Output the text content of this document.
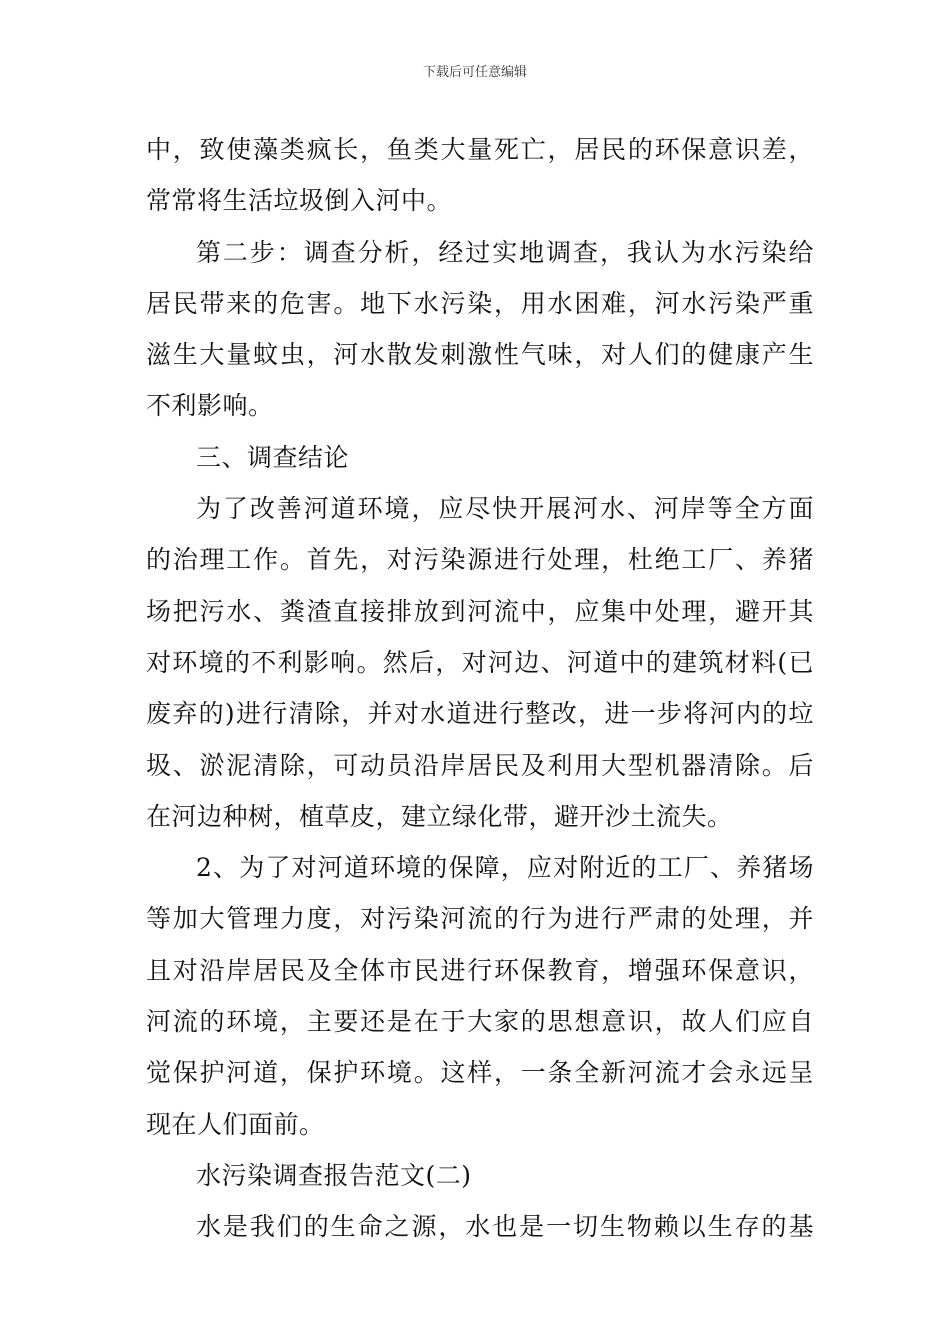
下载后可任意编辑
中，致使藻类疯长，鱼类大量死亡，居民的环保意识差，
常常将生活垃圾倒入河中。
第二步：调查分析，经过实地调查，我认为水污染给
居民带来的危害。地下水污染，用水困难，河水污染严重
滋生大量蚊虫，河水散发刺激性气味，对人们的健康产生
不利影响。
三、调查结论
为了改善河道环境，应尽快开展河水、河岸等全方面
的治理工作。首先，对污染源进行处理，杜绝工厂、养猪
场把污水、粪渣直接排放到河流中，应集中处理，避开其
对环境的不利影响。然后，对河边、河道中的建筑材料(已
废弃的)进行清除，并对水道进行整改，进一步将河内的垃
圾、淤泥清除，可动员沿岸居民及利用大型机器清除。后
在河边种树，植草皮，建立绿化带，避开沙土流失。
2、为了对河道环境的保障，应对附近的工厂、养猪场
等加大管理力度，对污染河流的行为进行严肃的处理，并
且对沿岸居民及全体市民进行环保教育，增强环保意识，
河流的环境，主要还是在于大家的思想意识，故人们应自
觉保护河道，保护环境。这样，一条全新河流才会永远呈
现在人们面前。
水污染调查报告范文(二)
水是我们的生命之源，水也是一切生物赖以生存的基
